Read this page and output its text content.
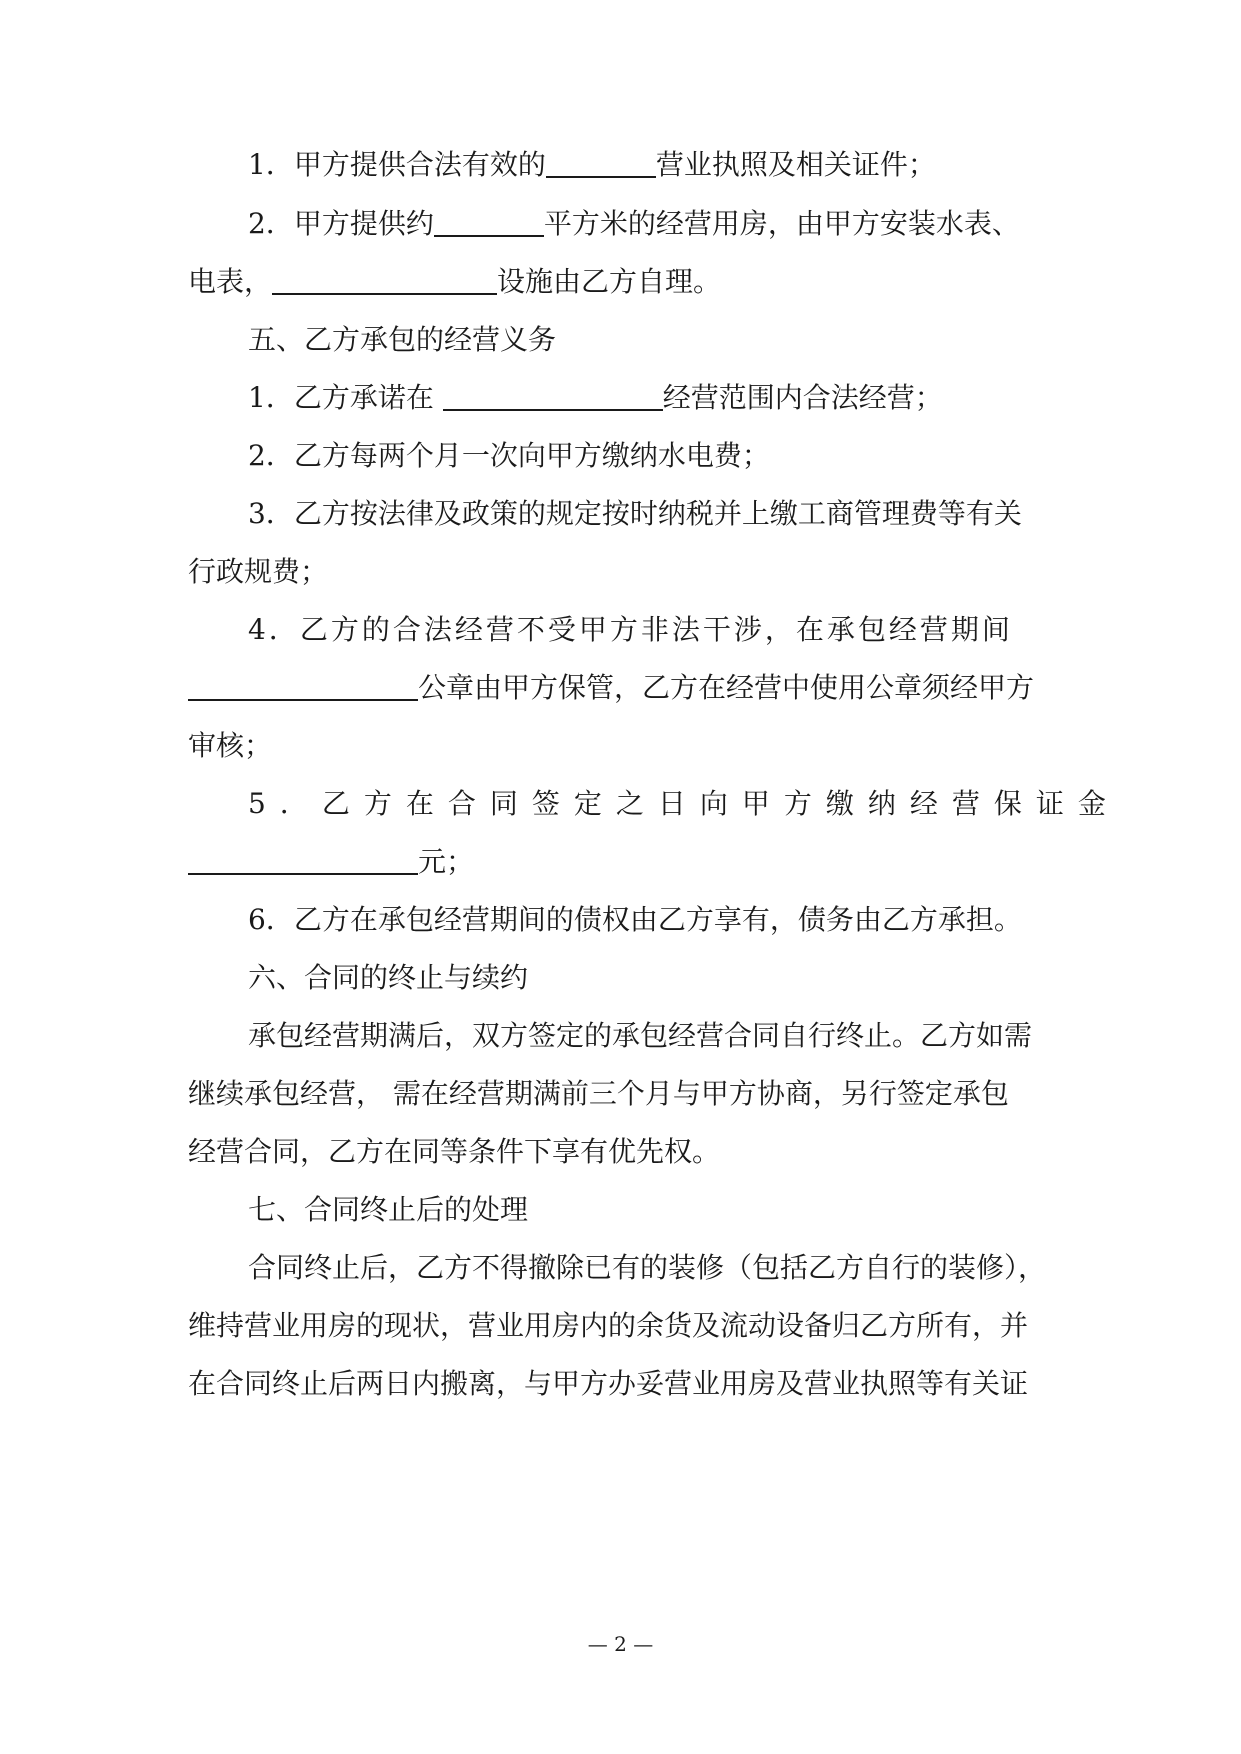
1．甲方提供合法有效的	营业执照及相关证件；
2．甲方提供约	平方米的经营用房，由甲方安装水表、
电表，	设施由乙方自理。
五、乙方承包的经营义务
1．乙方承诺在	经营范围内合法经营；
2．乙方每两个月一次向甲方缴纳水电费；
3．乙方按法律及政策的规定按时纳税并上缴工商管理费等有关
行政规费；
4．乙方的合法经营不受甲方非法干涉，在承包经营期间
公章由甲方保管，乙方在经营中使用公章须经甲方
审核；
5．乙方在合同签定之日向甲方缴纳经营保证金
元；
6．乙方在承包经营期间的债权由乙方享有，债务由乙方承担。
六、合同的终止与续约
承包经营期满后，双方签定的承包经营合同自行终止。乙方如需
继续承包经营， 需在经营期满前三个月与甲方协商，另行签定承包
经营合同，乙方在同等条件下享有优先权。
七、合同终止后的处理
合同终止后，乙方不得撤除已有的装修（包括乙方自行的装修），
维持营业用房的现状，营业用房内的余货及流动设备归乙方所有，并
在合同终止后两日内搬离，与甲方办妥营业用房及营业执照等有关证
— 2 —
